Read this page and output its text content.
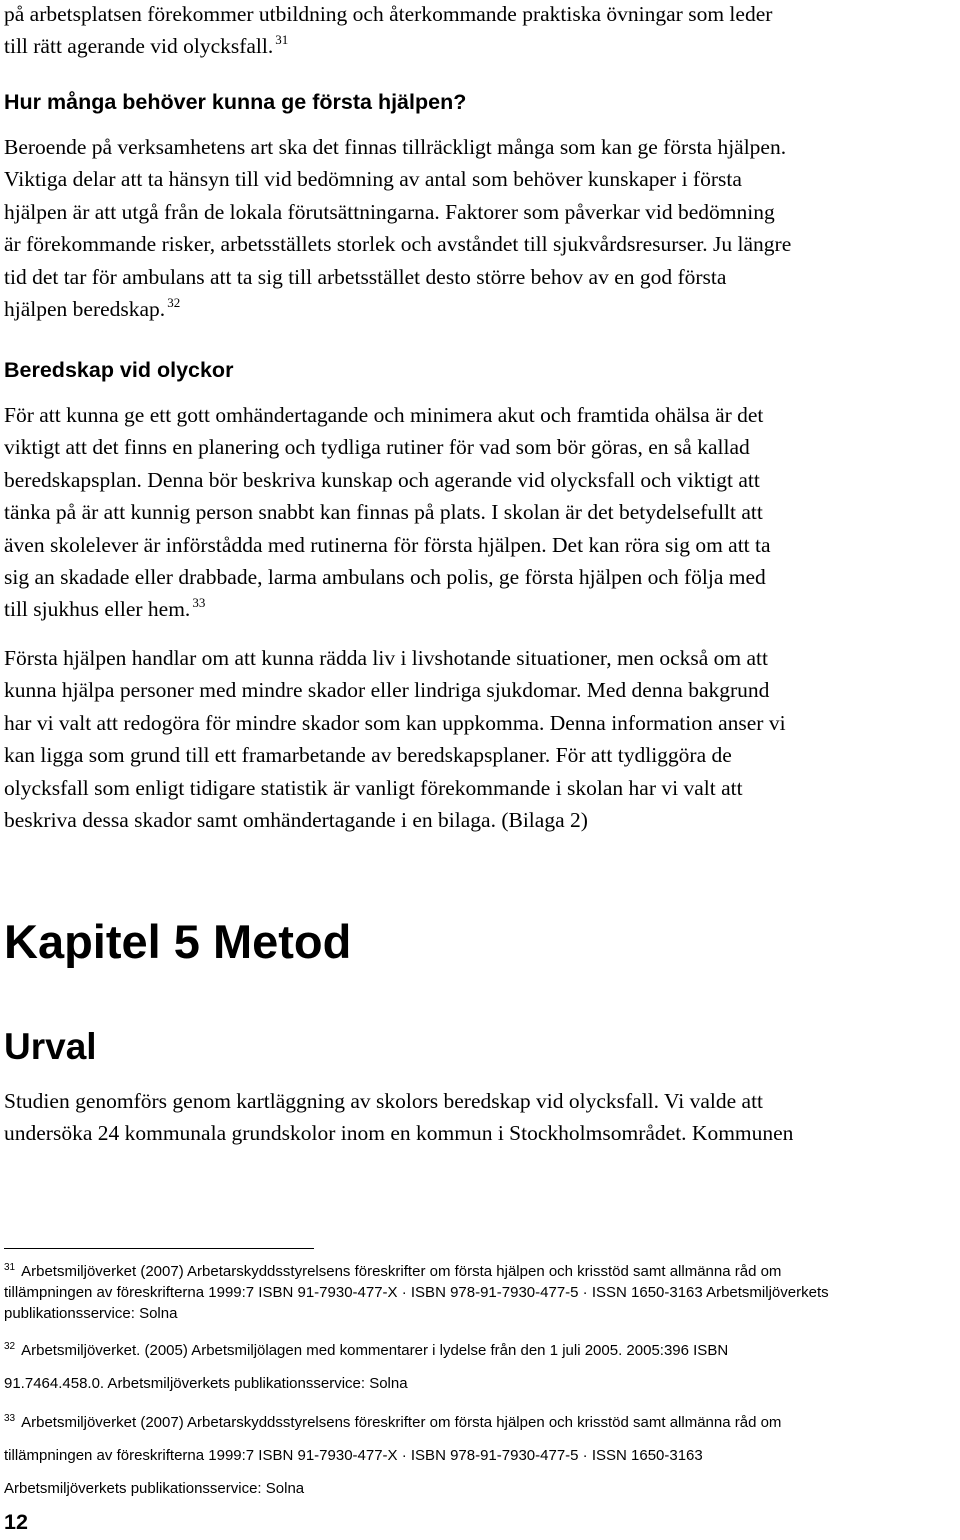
på arbetsplatsen förekommer utbildning och återkommande praktiska övningar som leder
till rätt agerande vid olycksfall. $^{31}$
Hur många behöver kunna ge första hjälpen?
Beroende på verksamhetens art ska det finnas tillräckligt många som kan ge första hjälpen.
Viktiga delar att ta hänsyn till vid bedömning av antal som behöver kunskaper i första
hjälpen är att utgå från de lokala förutsättningarna. Faktorer som påverkar vid bedömning
är förekommande risker, arbetsställets storlek och avståndet till sjukvårdsresurser. Ju längre
tid det tar för ambulans att ta sig till arbetsstället desto större behov av en god första
hjälpen beredskap. $^{32}$
Beredskap vid olyckor
För att kunna ge ett gott omhändertagande och minimera akut och framtida ohälsa är det
viktigt att det finns en planering och tydliga rutiner för vad som bör göras, en så kallad
beredskapsplan. Denna bör beskriva kunskap och agerande vid olycksfall och viktigt att
tänka på är att kunnig person snabbt kan finnas på plats. I skolan är det betydelsefullt att
även skolelever är införstådda med rutinerna för första hjälpen. Det kan röra sig om att ta
sig an skadade eller drabbade, larma ambulans och polis, ge första hjälpen och följa med
till sjukhus eller hem. $^{33}$
Första hjälpen handlar om att kunna rädda liv i livshotande situationer, men också om att
kunna hjälpa personer med mindre skador eller lindriga sjukdomar. Med denna bakgrund
har vi valt att redogöra för mindre skador som kan uppkomma. Denna information anser vi
kan ligga som grund till ett framarbetande av beredskapsplaner. För att tydliggöra de
olycksfall som enligt tidigare statistik är vanligt förekommande i skolan har vi valt att
beskriva dessa skador samt omhändertagande i en bilaga. (Bilaga 2)
Kapitel 5 Metod
Urval
Studien genomförs genom kartläggning av skolors beredskap vid olycksfall. Vi valde att
undersöka 24 kommunala grundskolor inom en kommun i Stockholmsområdet. Kommunen
$^{31}$ Arbetsmiljöverket (2007) Arbetarskyddsstyrelsens föreskrifter om första hjälpen och krisstöd samt allmänna råd om
tillämpningen av föreskrifterna 1999:7 ISBN 91-7930-477-X · ISBN 978-91-7930-477-5 · ISSN 1650-3163 Arbetsmiljöverkets
publikationsservice: Solna
$^{32}$ Arbetsmiljöverket. (2005) Arbetsmiljölagen med kommentarer i lydelse från den 1 juli 2005. 2005:396 ISBN
91.7464.458.0. Arbetsmiljöverkets publikationsservice: Solna
$^{33}$ Arbetsmiljöverket (2007) Arbetarskyddsstyrelsens föreskrifter om första hjälpen och krisstöd samt allmänna råd om
tillämpningen av föreskrifterna 1999:7 ISBN 91-7930-477-X · ISBN 978-91-7930-477-5 · ISSN 1650-3163
Arbetsmiljöverkets publikationsservice: Solna
12
